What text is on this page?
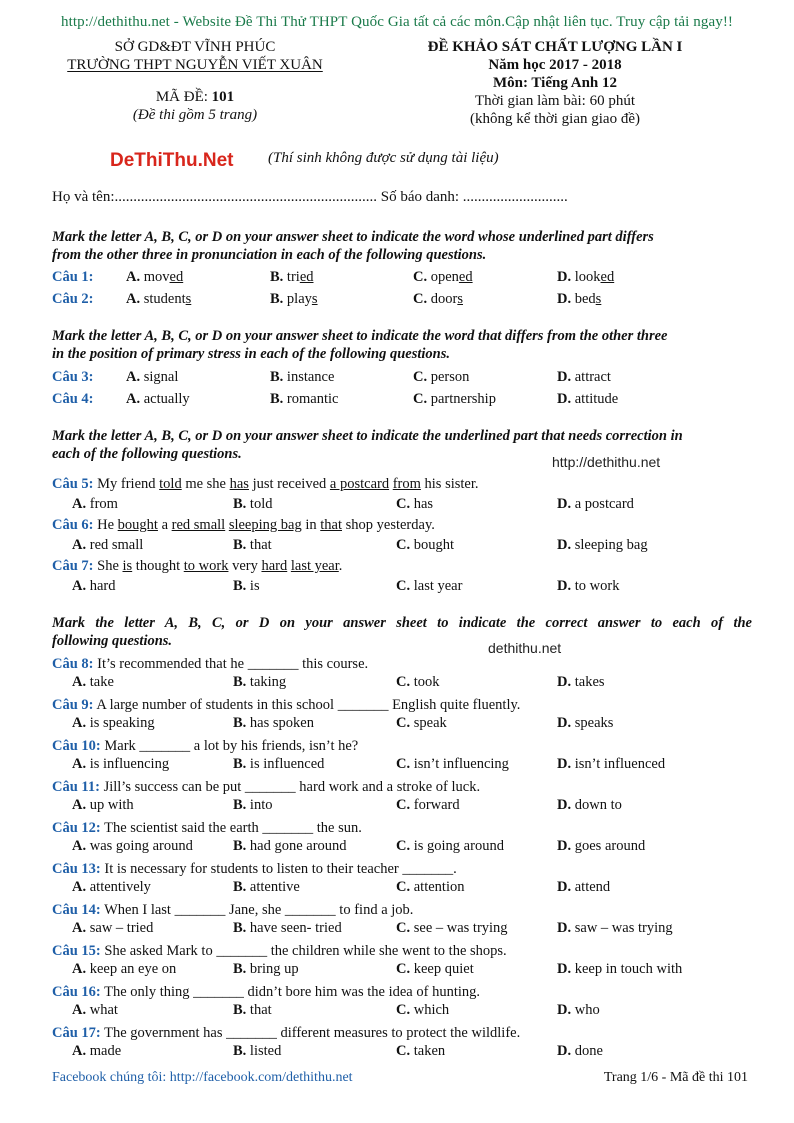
http://dethithu.net - Website Đề Thi Thử THPT Quốc Gia tất cả các môn.Cập nhật liên tục. Truy cập tải ngay!!
SỞ GD&ĐT VĨNH PHÚC
TRƯỜNG THPT NGUYỄN VIẾT XUÂN
MÃ ĐỀ: 101
(Đề thi gồm 5 trang)
ĐỀ KHẢO SÁT CHẤT LƯỢNG LẦN I
Năm học 2017 - 2018
Môn: Tiếng Anh 12
Thời gian làm bài: 60 phút
(không kể thời gian giao đề)
DeThiThu.Net (Thí sinh không được sử dụng tài liệu)
Họ và tên:...................................................................... Số báo danh: ............................
Mark the letter A, B, C, or D on your answer sheet to indicate the word whose underlined part differs
from the other three in pronunciation in each of the following questions.
Câu 1: A. moved	B. tried	C. opened	D. looked
Câu 2: A. students	B. plays	C. doors	D. beds
Mark the letter A, B, C, or D on your answer sheet to indicate the word that differs from the other three
in the position of primary stress in each of the following questions.
Câu 3: A. signal	B. instance	C. person	D. attract
Câu 4: A. actually	B. romantic	C. partnership	D. attitude
Mark the letter A, B, C, or D on your answer sheet to indicate the underlined part that needs correction in
each of the following questions.
http://dethithu.net
Câu 5: My friend told me she has just received a postcard from his sister.
A. from	B. told	C. has	D. a postcard
Câu 6: He bought a red small sleeping bag in that shop yesterday.
A. red small	B. that	C. bought	D. sleeping bag
Câu 7: She is thought to work very hard last year.
A. hard	B. is	C. last year	D. to work
Mark the letter A, B, C, or D on your answer sheet to indicate the correct answer to each of the
following questions.	dethithu.net
Câu 8: It’s recommended that he _______ this course.
A. take	B. taking	C. took	D. takes
Câu 9: A large number of students in this school _______ English quite fluently.
A. is speaking	B. has spoken	C. speak	D. speaks
Câu 10: Mark _______ a lot by his friends, isn’t he?
A. is influencing	B. is influenced	C. isn’t influencing	D. isn’t influenced
Câu 11: Jill’s success can be put _______ hard work and a stroke of luck.
A. up with	B. into	C. forward	D. down to
Câu 12: The scientist said the earth _______ the sun.
A. was going around	B. had gone around	C. is going around	D. goes around
Câu 13: It is necessary for students to listen to their teacher _______.
A. attentively	B. attentive	C. attention	D. attend
Câu 14: When I last _______ Jane, she _______ to find a job.
A. saw – tried	B. have seen- tried	C. see – was trying	D. saw – was trying
Câu 15: She asked Mark to _______ the children while she went to the shops.
A. keep an eye on	B. bring up	C. keep quiet	D. keep in touch with
Câu 16: The only thing _______ didn’t bore him was the idea of hunting.
A. what	B. that	C. which	D. who
Câu 17: The government has _______ different measures to protect the wildlife.
A. made	B. listed	C. taken	D. done
Facebook chúng tôi: http://facebook.com/dethithu.net	Trang 1/6 - Mã đề thi 101
